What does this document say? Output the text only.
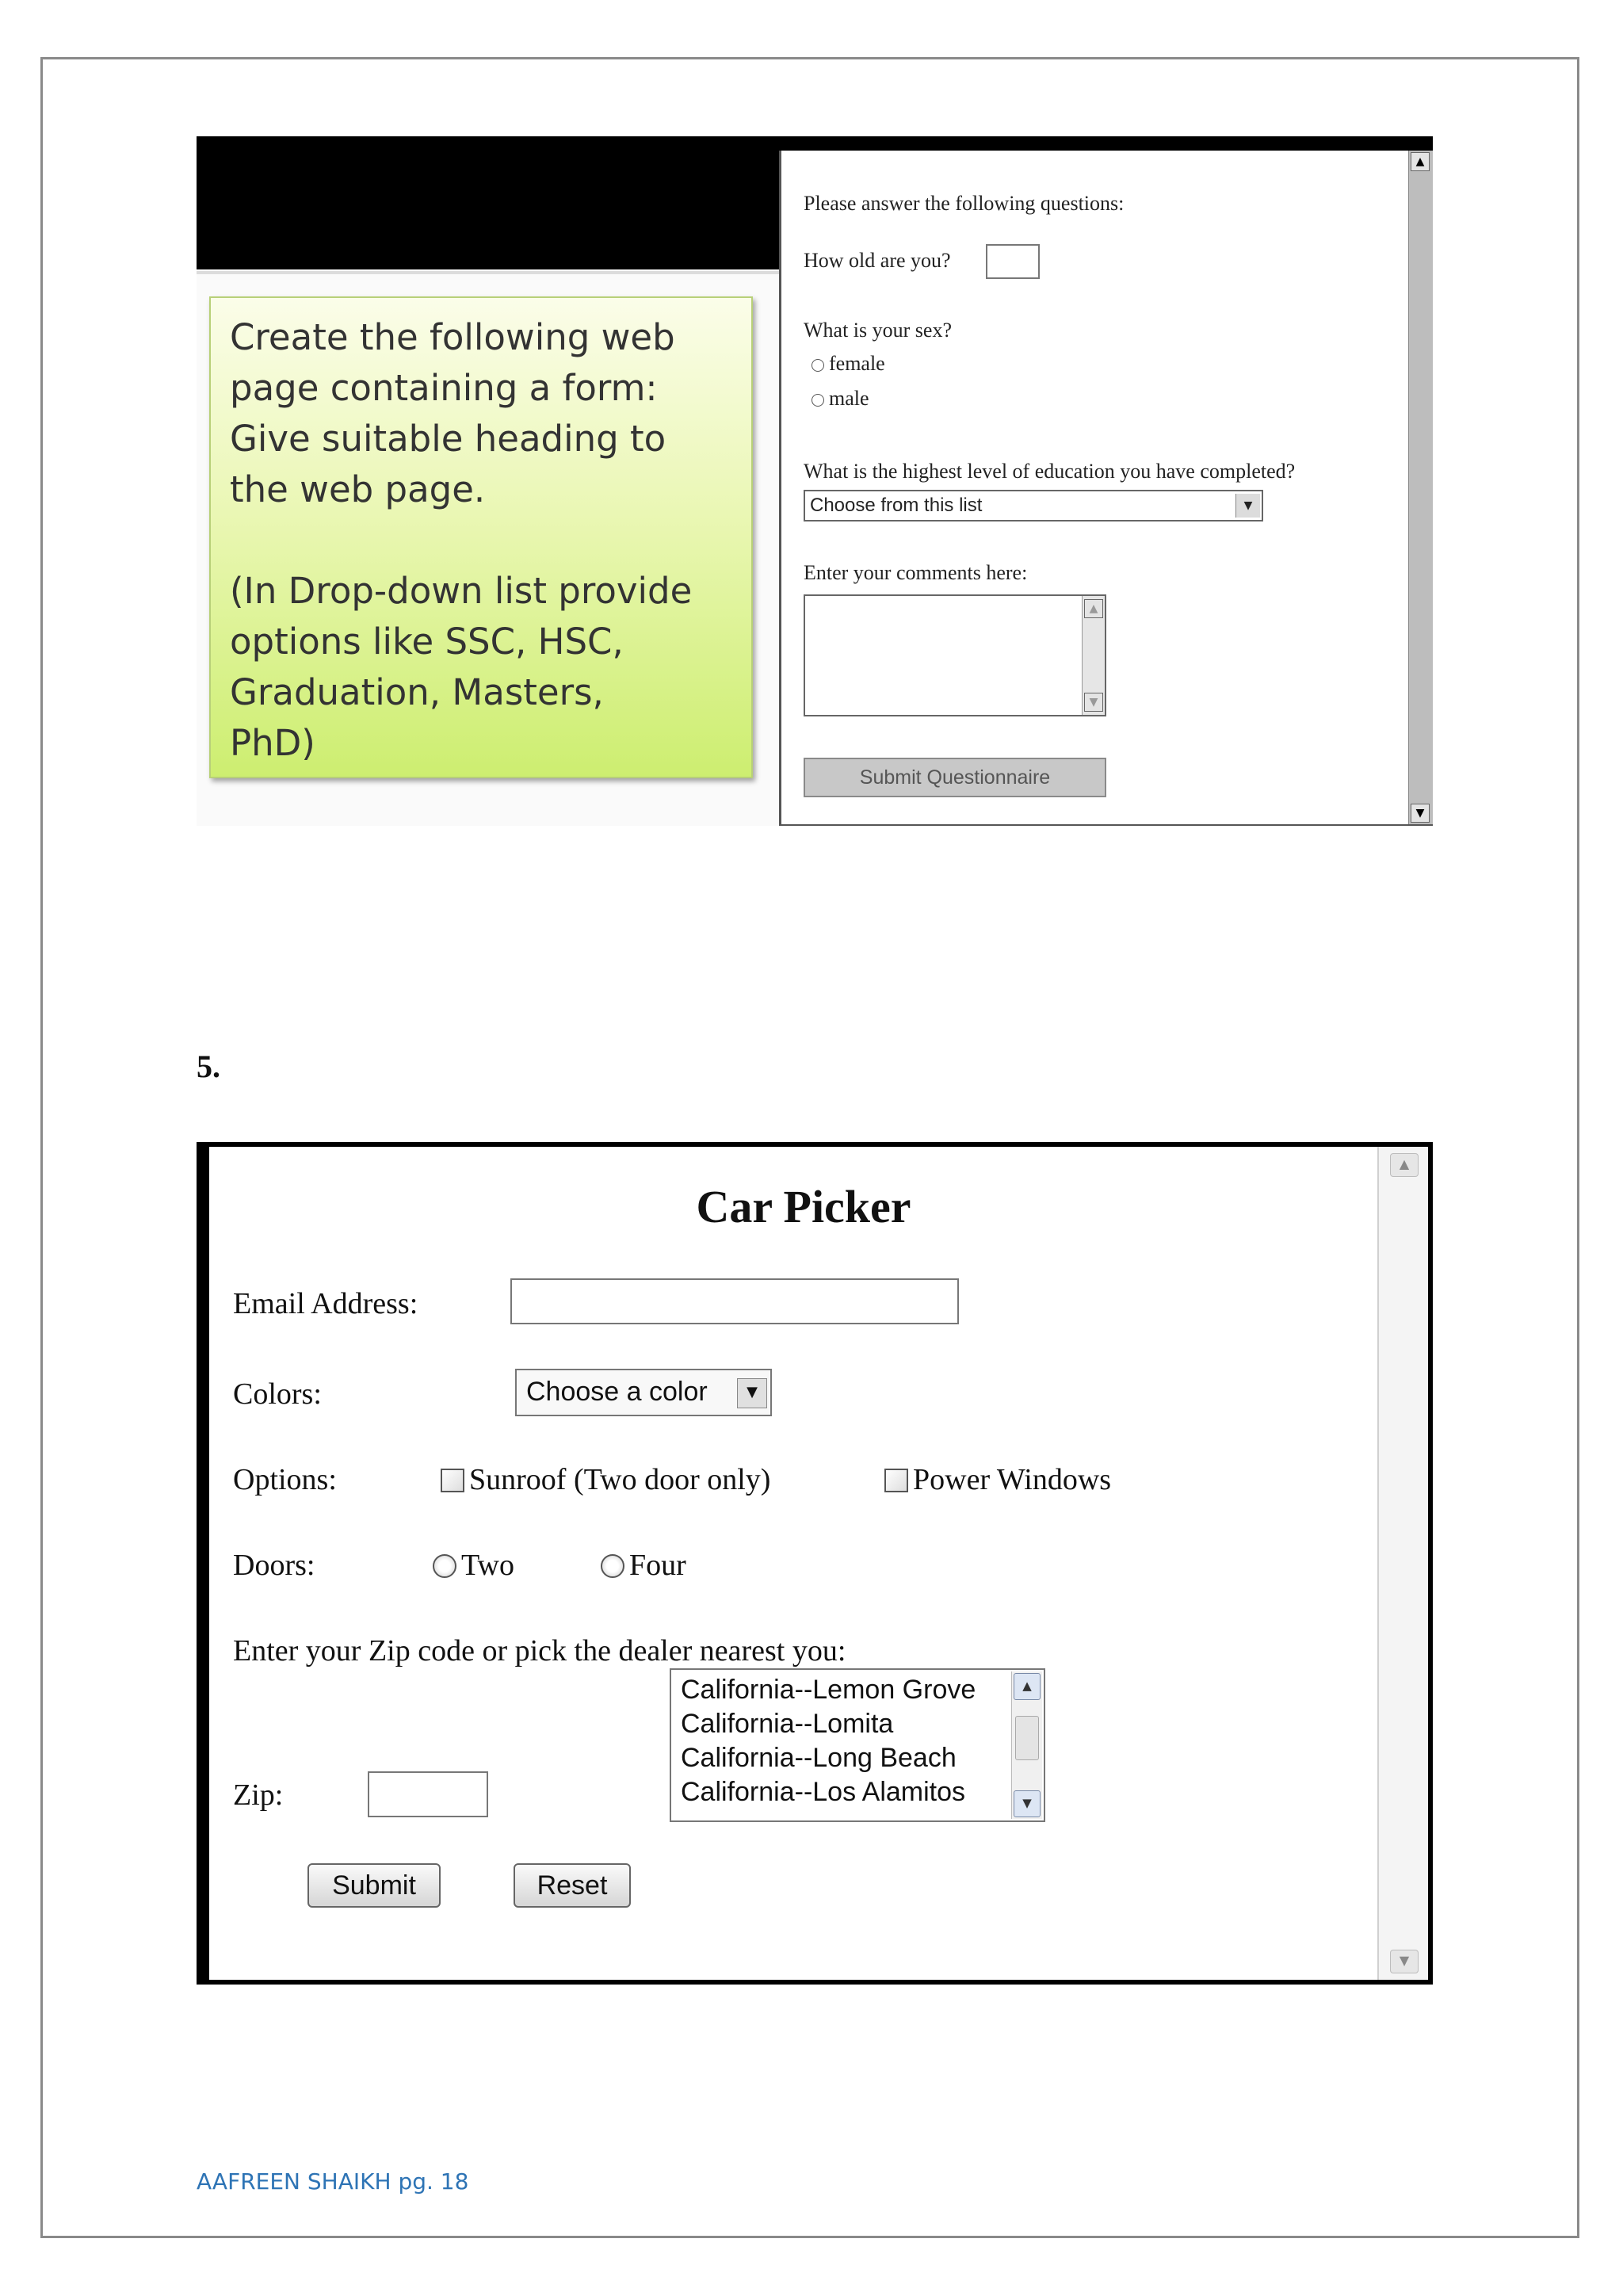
Create the following web

page containing a form:

Give suitable heading to

the web page.

(In Drop-down list provide

options like SSC, HSC,

Graduation, Masters,

PhD)

Please answer the following questions:
How old are you?
What is your sex?
female
male
What is the highest level of education you have completed?
Choose from this list	▼
Enter your comments here:
▲
▼
Submit Questionnaire
▲
▼
5.
Car Picker
Email Address:
Colors:	Choose a color	▼
Options:	Sunroof (Two door only)	Power Windows
Doors:	Two	Four
Enter your Zip code or pick the dealer nearest you:
California--Lemon Grove
California--Lomita
California--Long Beach
California--Los Alamitos
▲
▼
Zip:
Submit	Reset
▲
▼
AAFREEN SHAIKH pg. 18
